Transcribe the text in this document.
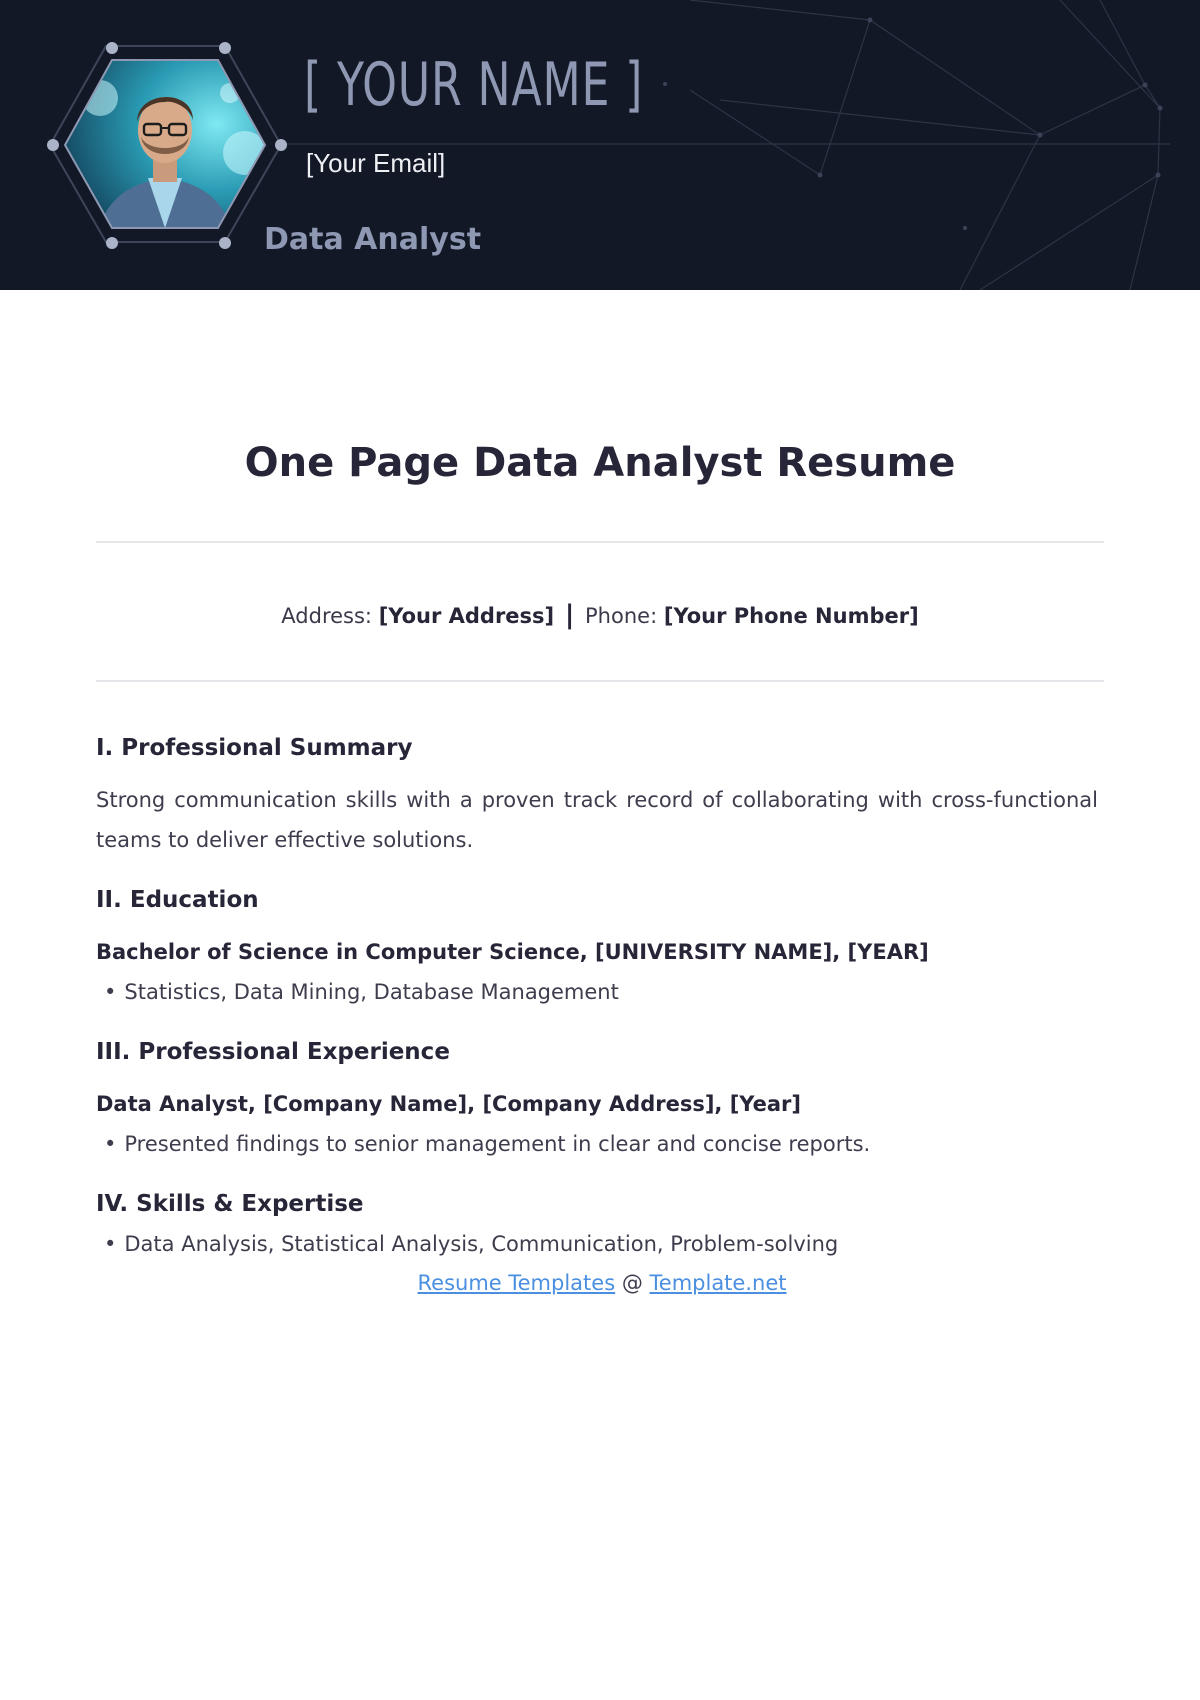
[ YOUR NAME ]
[Your Email]
Data Analyst
One Page Data Analyst Resume
Address: [Your Address] | Phone: [Your Phone Number]
I. Professional Summary

Strong communication skills with a proven track record of collaborating with cross-functional teams to deliver effective solutions.

II. Education

Bachelor of Science in Computer Science, [UNIVERSITY NAME], [YEAR]

• Statistics, Data Mining, Database Management

III. Professional Experience

Data Analyst, [Company Name], [Company Address], [Year]

• Presented findings to senior management in clear and concise reports.

IV. Skills & Expertise

• Data Analysis, Statistical Analysis, Communication, Problem-solving

Resume Templates @ Template.net
